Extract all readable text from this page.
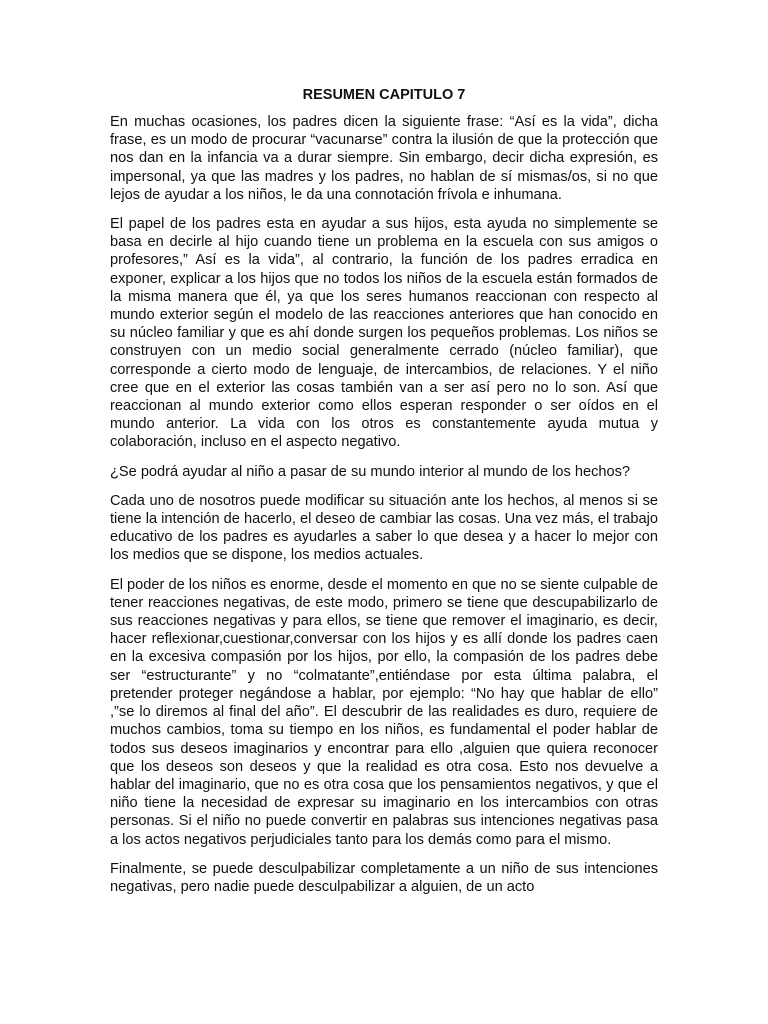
RESUMEN CAPITULO 7

En muchas ocasiones, los padres dicen la siguiente frase: “Así es la vida”, dicha frase, es un modo de procurar “vacunarse” contra la ilusión de que la protección que nos dan en la infancia va a durar siempre. Sin embargo, decir dicha expresión, es impersonal, ya que las madres y los padres, no hablan de sí mismas/os, si no que lejos de ayudar a los niños, le da una connotación frívola e inhumana.

El papel de los padres esta en ayudar a sus hijos, esta ayuda no simplemente se basa en decirle al hijo cuando tiene un problema en la escuela con sus amigos o profesores,” Así es la vida”, al contrario, la función de los padres erradica en exponer, explicar a los hijos que no todos los niños de la escuela están formados de la misma manera que él, ya que los seres humanos reaccionan con respecto al mundo exterior según el modelo de las reacciones anteriores que han conocido en su núcleo familiar y que es ahí donde surgen los pequeños problemas. Los niños se construyen con un medio social generalmente cerrado (núcleo familiar), que corresponde a cierto modo de lenguaje, de intercambios, de relaciones. Y el niño cree que en el exterior las cosas también van a ser así pero no lo son. Así que reaccionan al mundo exterior como ellos esperan responder o ser oídos en el mundo anterior. La vida con los otros es constantemente ayuda mutua y colaboración, incluso en el aspecto negativo.

¿Se podrá ayudar al niño a pasar de su mundo interior al mundo de los hechos?

Cada uno de nosotros puede modificar su situación ante los hechos, al menos si se tiene la intención de hacerlo, el deseo de cambiar las cosas. Una vez más, el trabajo educativo de los padres es ayudarles a saber lo que desea y a hacer lo mejor con los medios que se dispone, los medios actuales.

El poder de los niños es enorme, desde el momento en que no se siente culpable de tener reacciones negativas, de este modo, primero se tiene que descupabilizarlo de sus reacciones negativas y para ellos, se tiene que remover el imaginario, es decir, hacer reflexionar,cuestionar,conversar con los hijos y es allí donde los padres caen en la excesiva compasión por los hijos, por ello, la compasión de los padres debe ser “estructurante” y no “colmatante”,entiéndase por esta última palabra, el pretender proteger negándose a hablar, por ejemplo: “No hay que hablar de ello” ,”se lo diremos al final del año”. El descubrir de las realidades es duro, requiere de muchos cambios, toma su tiempo en los niños, es fundamental el poder hablar de todos sus deseos imaginarios y encontrar para ello ,alguien que quiera reconocer que los deseos son deseos y que la realidad es otra cosa. Esto nos devuelve a hablar del imaginario, que no es otra cosa que los pensamientos negativos, y que el niño tiene la necesidad de expresar su imaginario en los intercambios con otras personas. Si el niño no puede convertir en palabras sus intenciones negativas pasa a los actos negativos perjudiciales tanto para los demás como para el mismo.

Finalmente, se puede desculpabilizar completamente a un niño de sus intenciones negativas, pero nadie puede desculpabilizar a alguien, de un acto
